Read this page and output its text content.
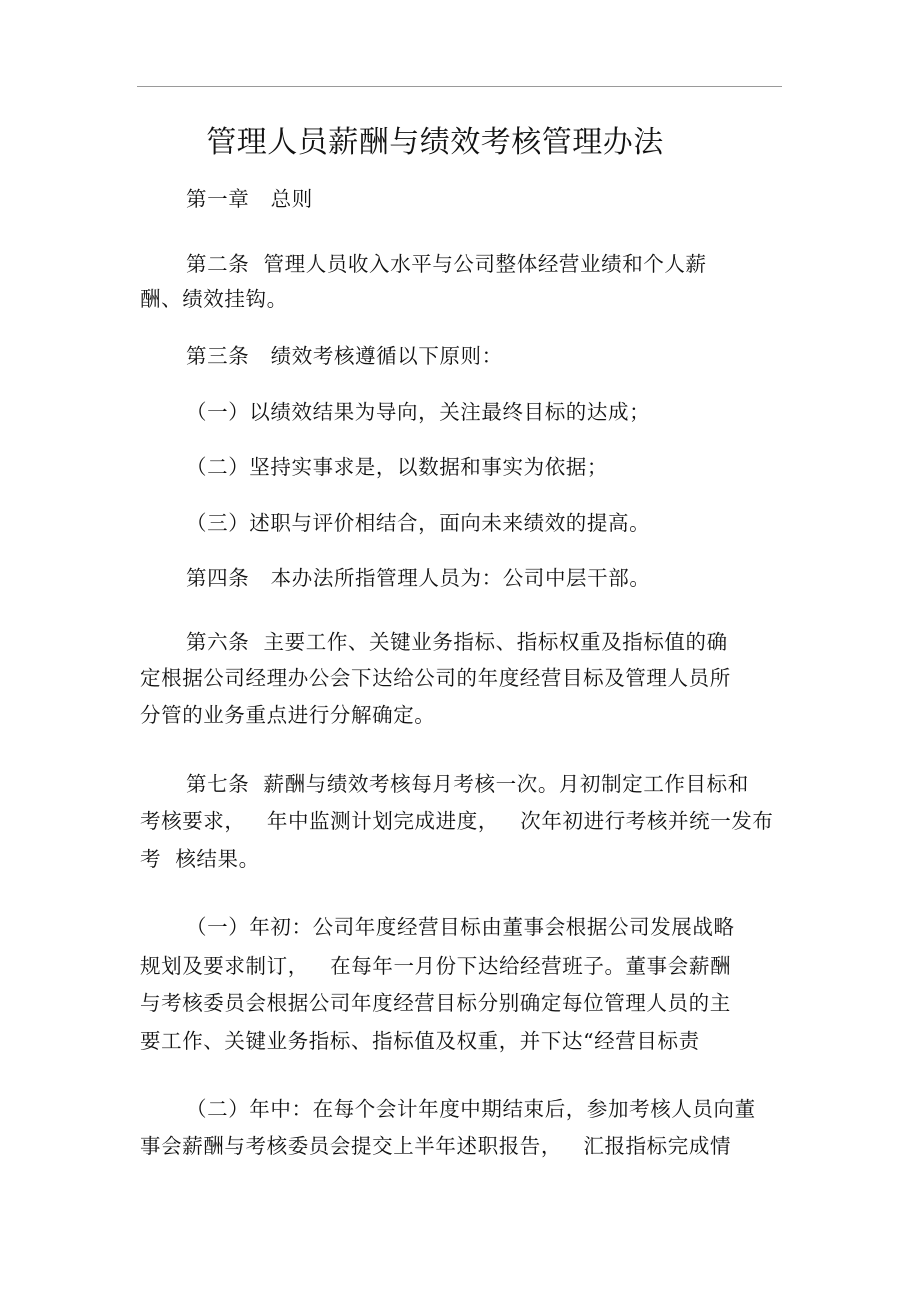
管理人员薪酬与绩效考核管理办法
第一章   总则
第二条  管理人员收入水平与公司整体经营业绩和个人薪
酬、绩效挂钩。
第三条   绩效考核遵循以下原则：
（一）以绩效结果为导向，关注最终目标的达成；
（二）坚持实事求是，以数据和事实为依据；
（三）述职与评价相结合，面向未来绩效的提高。
第四条   本办法所指管理人员为：公司中层干部。
第六条  主要工作、关键业务指标、指标权重及指标值的确
定根据公司经理办公会下达给公司的年度经营目标及管理人员所
分管的业务重点进行分解确定。
第七条  薪酬与绩效考核每月考核一次。月初制定工作目标和
考核要求，   年中监测计划完成进度，   次年初进行考核并统一发布
考  核结果。
（一）年初：公司年度经营目标由董事会根据公司发展战略
规划及要求制订，   在每年一月份下达给经营班子。董事会薪酬
与考核委员会根据公司年度经营目标分别确定每位管理人员的主
要工作、关键业务指标、指标值及权重，并下达“经营目标责
（二）年中：在每个会计年度中期结束后，参加考核人员向董
事会薪酬与考核委员会提交上半年述职报告，   汇报指标完成情
